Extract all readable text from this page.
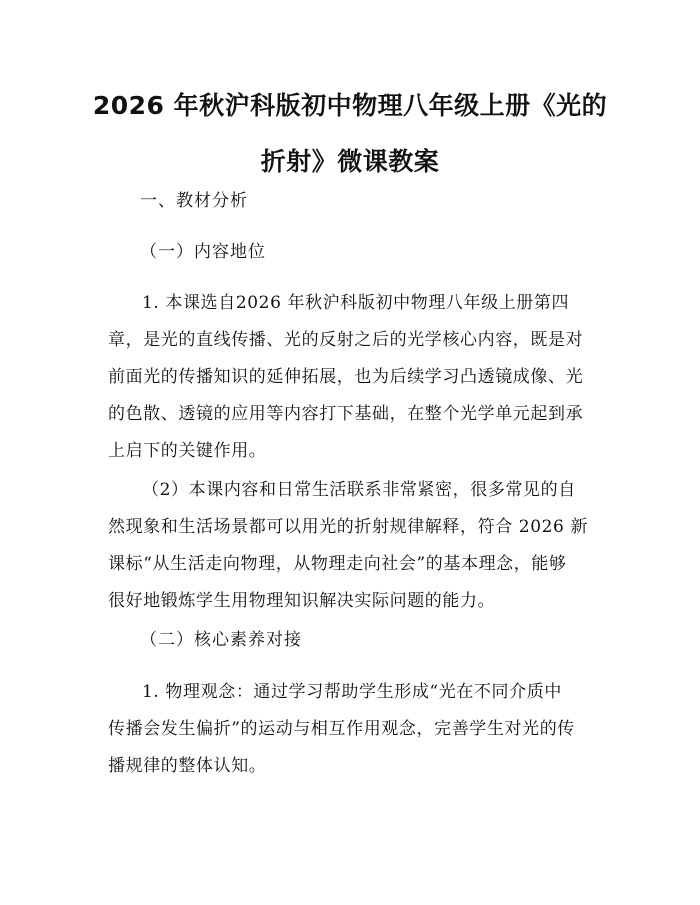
2026 年秋沪科版初中物理八年级上册《光的
折射》微课教案

一、教材分析

（一）内容地位

1. 本课选自2026 年秋沪科版初中物理八年级上册第四
章，是光的直线传播、光的反射之后的光学核心内容，既是对
前面光的传播知识的延伸拓展，也为后续学习凸透镜成像、光
的色散、透镜的应用等内容打下基础，在整个光学单元起到承
上启下的关键作用。
（2）本课内容和日常生活联系非常紧密，很多常见的自
然现象和生活场景都可以用光的折射规律解释，符合 2026 新
课标“从生活走向物理，从物理走向社会”的基本理念，能够
很好地锻炼学生用物理知识解决实际问题的能力。

（二）核心素养对接

1. 物理观念：通过学习帮助学生形成“光在不同介质中
传播会发生偏折”的运动与相互作用观念，完善学生对光的传
播规律的整体认知。
